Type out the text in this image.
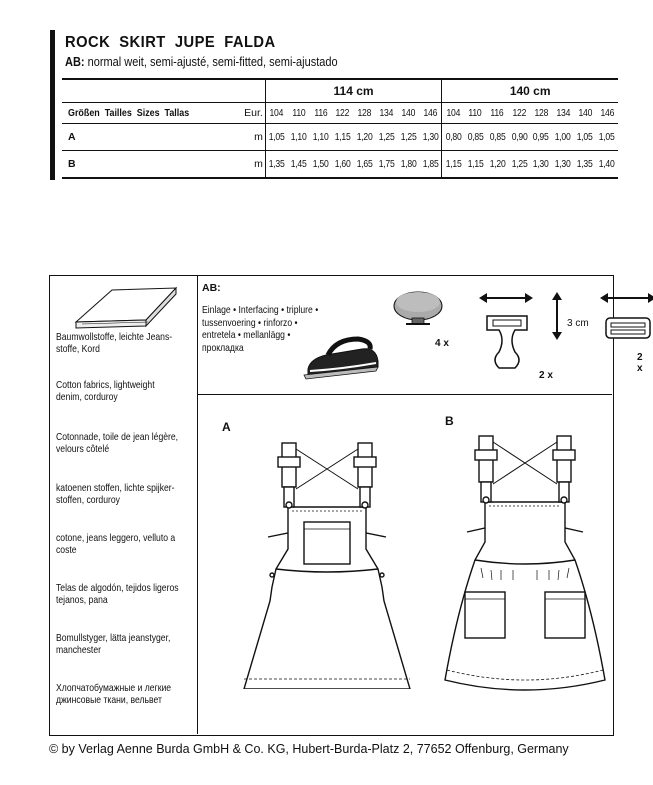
ROCK  SKIRT  JUPE  FALDA
AB: normal weit, semi-ajusté, semi-fitted, semi-ajustado
		114 cm								140 cm							
Größen  Tailles  Sizes  Tallas	Eur.	104	110	116	122	128	134	140	146	104	110	116	122	128	134	140	146
A	m	1,05	1,10	1,10	1,15	1,20	1,25	1,25	1,30	0,80	0,85	0,85	0,90	0,95	1,00	1,05	1,05
B	m	1,35	1,45	1,50	1,60	1,65	1,75	1,80	1,85	1,15	1,15	1,20	1,25	1,30	1,30	1,35	1,40
Baumwollstoffe, leichte Jeans-
stoffe, Kord
Cotton fabrics, lightweight
denim, corduroy
Cotonnade, toile de jean légère,
velours côtelé
katoenen stoffen, lichte spijker-
stoffen, corduroy
cotone, jeans leggero, velluto a
coste
Telas de algodón, tejidos ligeros
tejanos, pana
Bomullstyger, lätta jeanstyger,
manchester
Хлопчатобумажные и легкие
джинсовые ткани, вельвет
AB:
Einlage • Interfacing • triplure •
tussenvoering • rinforzo •
entretela • mellanlägg •
прокладка	4 x
3 cm
2 x
2 x
A	B
© by Verlag Aenne Burda GmbH & Co. KG, Hubert-Burda-Platz 2, 77652 Offenburg, Germany
